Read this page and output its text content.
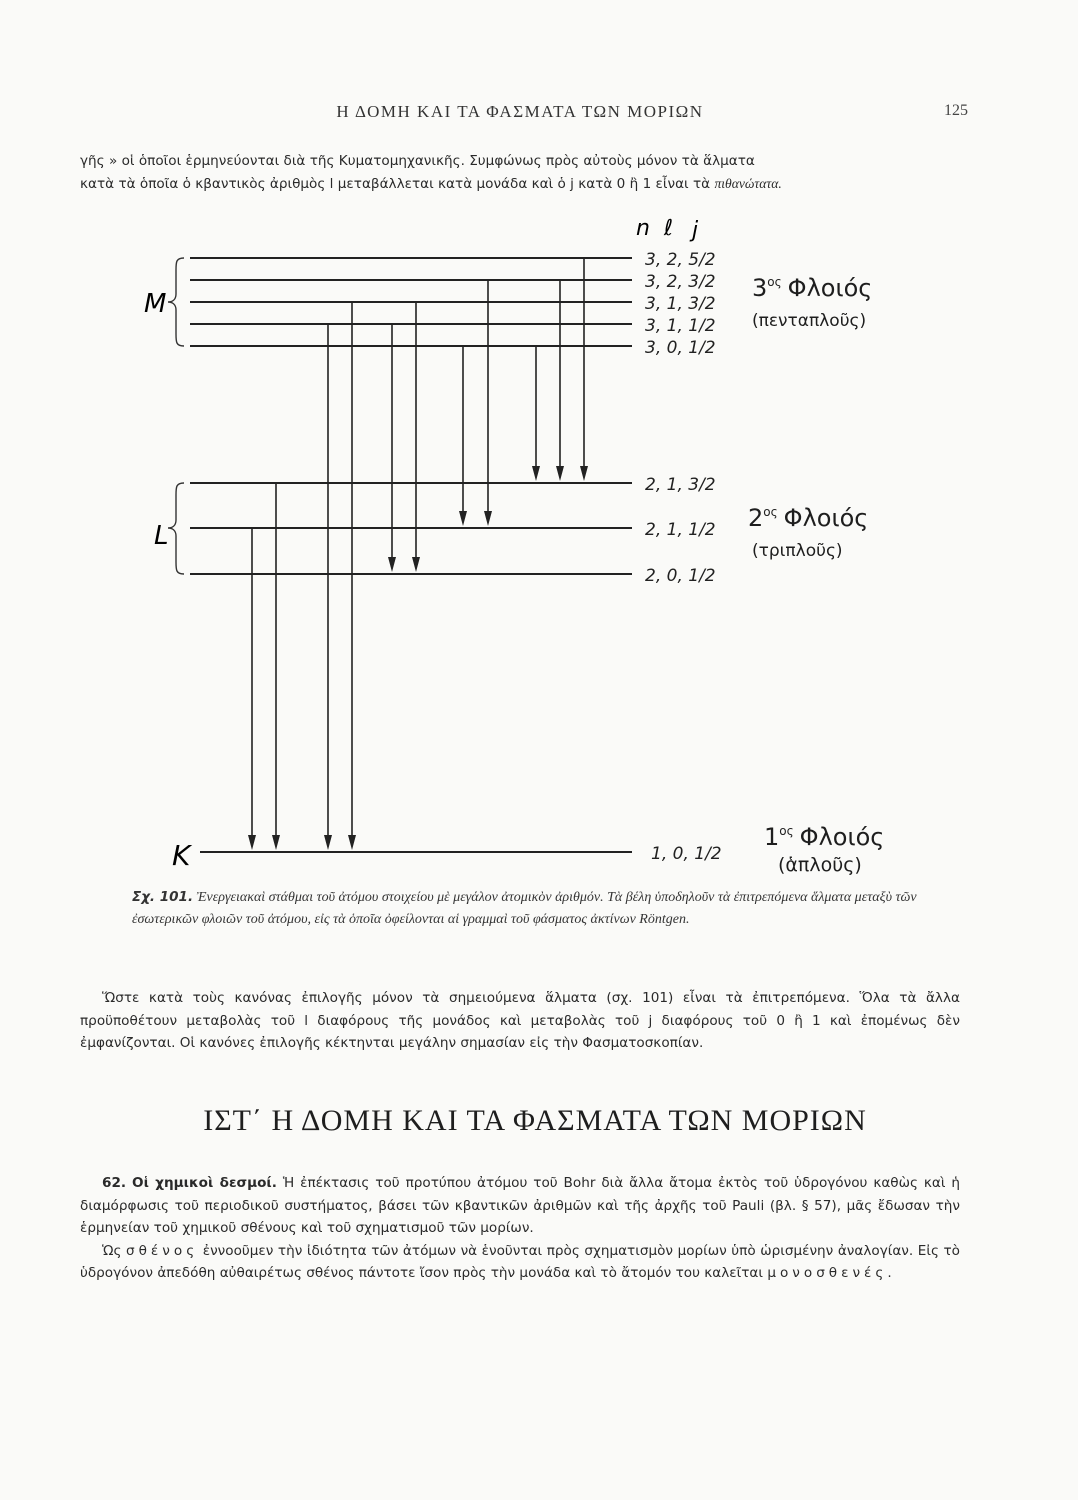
Η ΔΟΜΗ ΚΑΙ ΤΑ ΦΑΣΜΑΤΑ ΤΩΝ ΜΟΡΙΩΝ	125
γῆς » οἱ ὁποῖοι ἑρμηνεύονται διὰ τῆς Κυματομηχανικῆς. Συμφώνως πρὸς αὐτοὺς μόνον τὰ ἅλματα
κατὰ τὰ ὁποῖα ὁ κβαντικὸς ἀριθμὸς l μεταβάλλεται κατὰ μονάδα καὶ ὁ j κατὰ 0 ἢ 1 εἶναι τὰ πιθανώτατα.
n ℓ j
M
L
K
3, 2, 5/2
3, 2, 3/2
3, 1, 3/2
3, 1, 1/2
3, 0, 1/2
2, 1, 3/2
2, 1, 1/2
2, 0, 1/2
1, 0, 1/2
$3^{o\varsigma}$ Φλοιός
(πενταπλοῦς)
$2^{o\varsigma}$ Φλοιός
(τριπλοῦς)
$1^{o\varsigma}$ Φλοιός
(ἁπλοῦς)
Σχ. 101. Ἐνεργειακαὶ στάθμαι τοῦ ἀτόμου στοιχείου μὲ μεγάλον ἀτομικὸν ἀριθμόν. Τὰ βέλη ὑποδηλοῦν τὰ ἐπιτρεπόμενα ἅλματα μεταξὺ τῶν ἐσωτερικῶν φλοιῶν τοῦ ἀτόμου, εἰς τὰ ὁποῖα ὀφείλονται αἱ γραμμαὶ τοῦ φάσματος ἀκτίνων Röntgen.
Ὥστε κατὰ τοὺς κανόνας ἐπιλογῆς μόνον τὰ σημειούμενα ἅλματα (σχ. 101) εἶναι τὰ ἐπιτρεπόμενα. Ὅλα τὰ ἄλλα προϋποθέτουν μεταβολὰς τοῦ l διαφόρους τῆς μονάδος καὶ μεταβολὰς τοῦ j διαφόρους τοῦ 0 ἢ 1 καὶ ἐπομένως δὲν ἐμφανίζονται. Οἱ κανόνες ἐπιλογῆς κέκτηνται μεγάλην σημασίαν εἰς τὴν Φασματοσκοπίαν.
ΙΣΤ΄ Η ΔΟΜΗ ΚΑΙ ΤΑ ΦΑΣΜΑΤΑ ΤΩΝ ΜΟΡΙΩΝ
62. Οἱ χημικοὶ δεσμοί. Ἡ ἐπέκτασις τοῦ προτύπου ἀτόμου τοῦ Bohr διὰ ἄλλα ἄτομα ἐκτὸς τοῦ ὑδρογόνου καθὼς καὶ ἡ διαμόρφωσις τοῦ περιοδικοῦ συστήματος, βάσει τῶν κβαντικῶν ἀριθμῶν καὶ τῆς ἀρχῆς τοῦ Pauli (βλ. § 57), μᾶς ἔδωσαν τὴν ἑρμηνείαν τοῦ χημικοῦ σθένους καὶ τοῦ σχηματισμοῦ τῶν μορίων.
Ὡς σθένος ἐννοοῦμεν τὴν ἰδιότητα τῶν ἀτόμων νὰ ἑνοῦνται πρὸς σχηματισμὸν μορίων ὑπὸ ὡρισμένην ἀναλογίαν. Εἰς τὸ ὑδρογόνον ἀπεδόθη αὐθαιρέτως σθένος πάντοτε ἴσον πρὸς τὴν μονάδα καὶ τὸ ἄτομόν του καλεῖται μονοσθενές.
